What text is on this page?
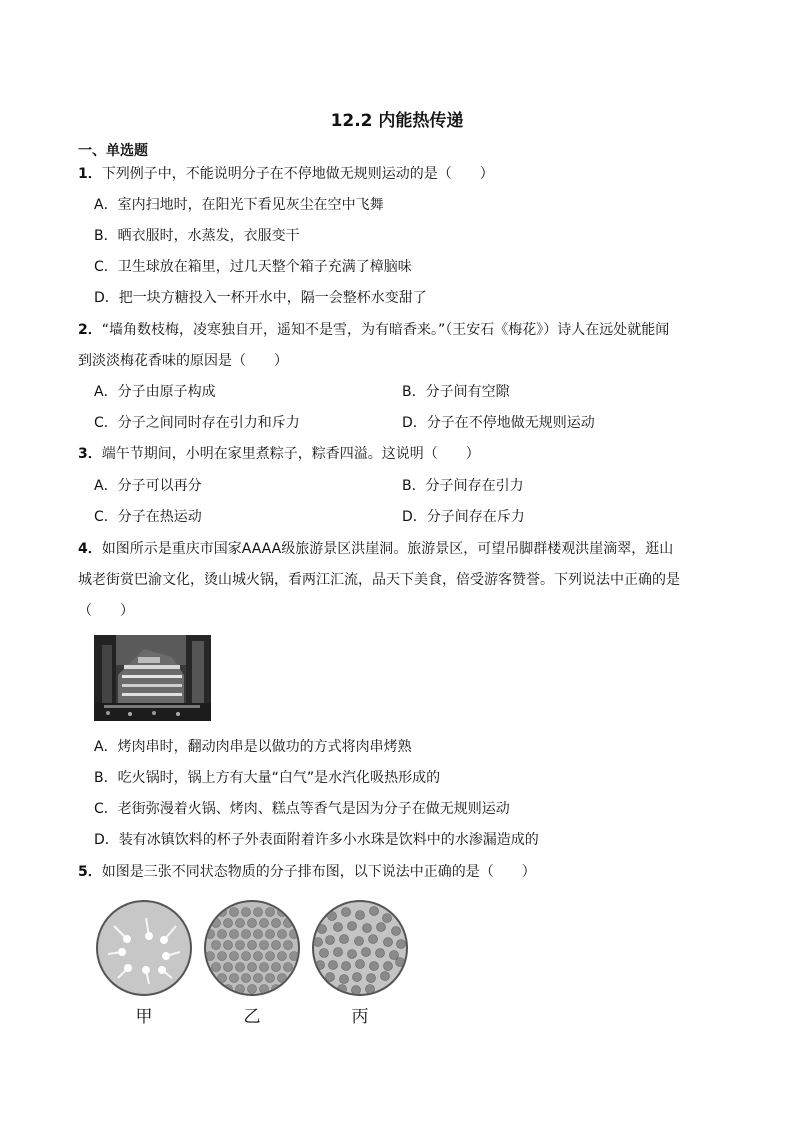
12.2 内能热传递
一、单选题
1．下列例子中，不能说明分子在不停地做无规则运动的是（　　）
A．室内扫地时，在阳光下看见灰尘在空中飞舞
B．晒衣服时，水蒸发，衣服变干
C．卫生球放在箱里，过几天整个箱子充满了樟脑味
D．把一块方糖投入一杯开水中，隔一会整杯水变甜了
2．“墙角数枝梅，凌寒独自开，遥知不是雪，为有暗香来。”（王安石《梅花》）诗人在远处就能闻
到淡淡梅花香味的原因是（　　）
A．分子由原子构成	B．分子间有空隙
C．分子之间同时存在引力和斥力	D．分子在不停地做无规则运动
3．端午节期间，小明在家里煮粽子，粽香四溢。这说明（　　）
A．分子可以再分	B．分子间存在引力
C．分子在热运动	D．分子间存在斥力
4．如图所示是重庆市国家AAAA级旅游景区洪崖洞。旅游景区，可望吊脚群楼观洪崖滴翠，逛山
城老街赏巴渝文化，烫山城火锅，看两江汇流，品天下美食，倍受游客赞誉。下列说法中正确的是
（　　）
A．烤肉串时，翻动肉串是以做功的方式将肉串烤熟
B．吃火锅时，锅上方有大量“白气”是水汽化吸热形成的
C．老街弥漫着火锅、烤肉、糕点等香气是因为分子在做无规则运动
D．装有冰镇饮料的杯子外表面附着许多小水珠是饮料中的水渗漏造成的
5．如图是三张不同状态物质的分子排布图，以下说法中正确的是（　　）
甲	乙	丙
